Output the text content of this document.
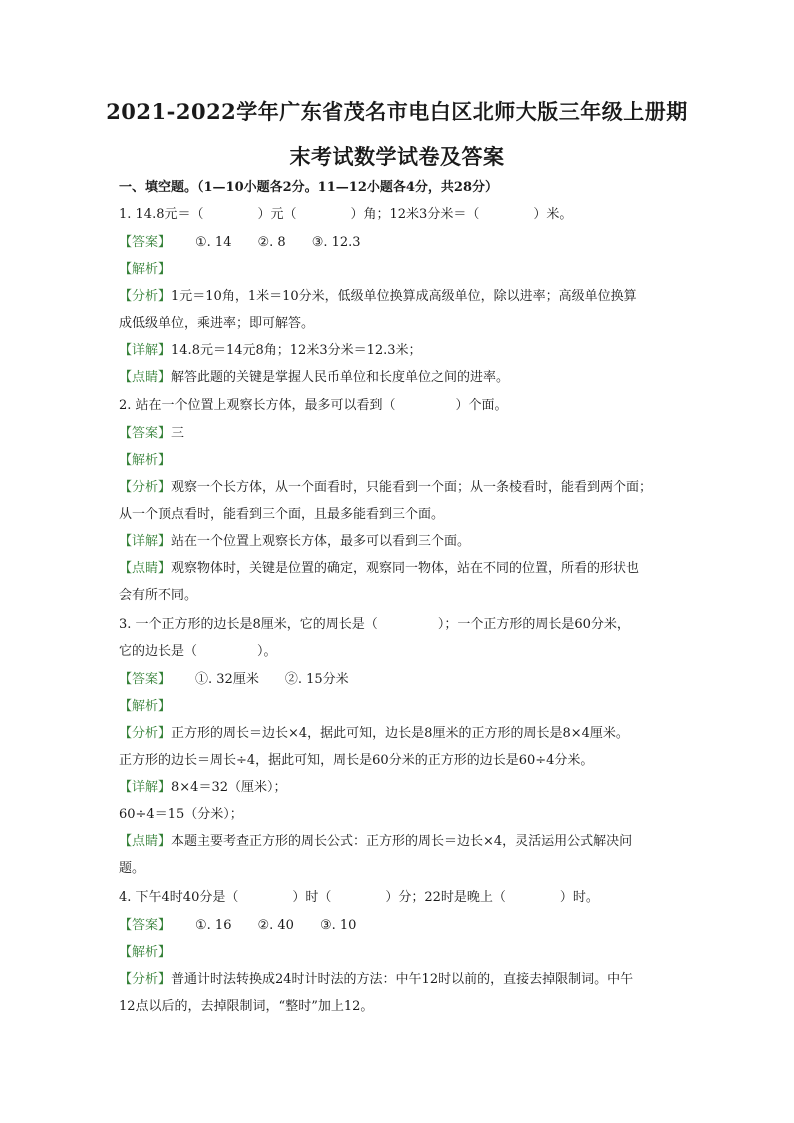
2021-2022学年广东省茂名市电白区北师大版三年级上册期
末考试数学试卷及答案
一、填空题。（1—10小题各2分。11—12小题各4分，共28分）
1. 14.8元＝（	）元（	）角；12米3分米＝（	）米。
【答案】 ①. 14 ②. 8 ③. 12.3
【解析】
【分析】1元＝10角，1米＝10分米，低级单位换算成高级单位，除以进率；高级单位换算
成低级单位，乘进率；即可解答。
【详解】14.8元＝14元8角；12米3分米＝12.3米；
【点睛】解答此题的关键是掌握人民币单位和长度单位之间的进率。
2. 站在一个位置上观察长方体，最多可以看到（	）个面。
【答案】三
【解析】
【分析】观察一个长方体，从一个面看时，只能看到一个面；从一条棱看时，能看到两个面；
从一个顶点看时，能看到三个面，且最多能看到三个面。
【详解】站在一个位置上观察长方体，最多可以看到三个面。
【点睛】观察物体时，关键是位置的确定，观察同一物体，站在不同的位置，所看的形状也
会有所不同。
3. 一个正方形的边长是8厘米，它的周长是（	）；一个正方形的周长是60分米，
它的边长是（	）。
【答案】 ①. 32厘米 ②. 15分米
【解析】
【分析】正方形的周长＝边长×4，据此可知，边长是8厘米的正方形的周长是8×4厘米。
正方形的边长＝周长÷4，据此可知，周长是60分米的正方形的边长是60÷4分米。
【详解】8×4＝32（厘米）；
60÷4＝15（分米）；
【点睛】本题主要考查正方形的周长公式：正方形的周长＝边长×4，灵活运用公式解决问
题。
4. 下午4时40分是（	）时（	）分；22时是晚上（	）时。
【答案】 ①. 16 ②. 40 ③. 10
【解析】
【分析】普通计时法转换成24时计时法的方法：中午12时以前的，直接去掉限制词。中午
12点以后的，去掉限制词，“整时”加上12。
